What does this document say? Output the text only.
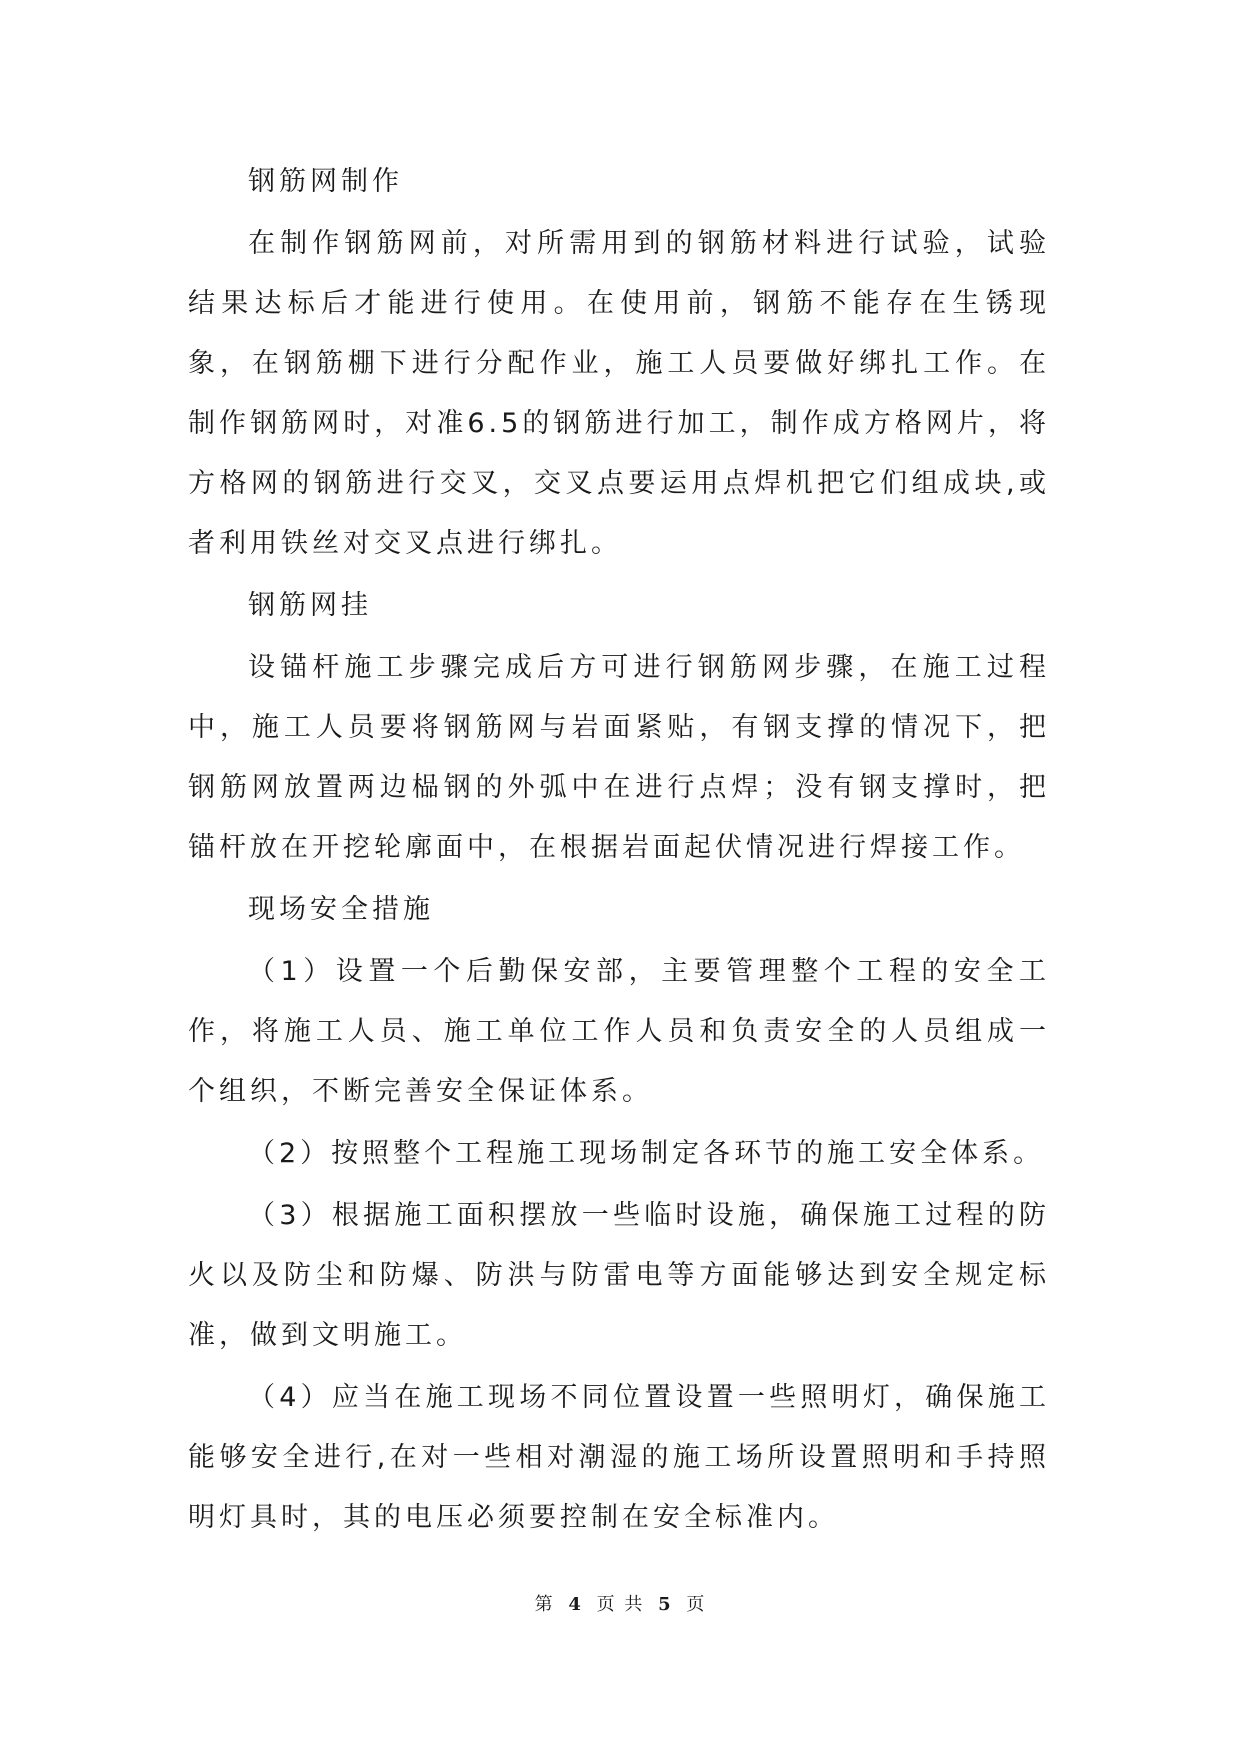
钢筋网制作

在制作钢筋网前，对所需用到的钢筋材料进行试验，试验结果达标后才能进行使用。在使用前，钢筋不能存在生锈现象，在钢筋棚下进行分配作业，施工人员要做好绑扎工作。在制作钢筋网时，对准6.5的钢筋进行加工，制作成方格网片，将方格网的钢筋进行交叉，交叉点要运用点焊机把它们组成块,或者利用铁丝对交叉点进行绑扎。

钢筋网挂

设锚杆施工步骤完成后方可进行钢筋网步骤，在施工过程中，施工人员要将钢筋网与岩面紧贴，有钢支撑的情况下，把钢筋网放置两边榀钢的外弧中在进行点焊；没有钢支撑时，把锚杆放在开挖轮廓面中，在根据岩面起伏情况进行焊接工作。

现场安全措施

（1）设置一个后勤保安部，主要管理整个工程的安全工作，将施工人员、施工单位工作人员和负责安全的人员组成一个组织，不断完善安全保证体系。

（2）按照整个工程施工现场制定各环节的施工安全体系。

（3）根据施工面积摆放一些临时设施，确保施工过程的防火以及防尘和防爆、防洪与防雷电等方面能够达到安全规定标准，做到文明施工。

（4）应当在施工现场不同位置设置一些照明灯，确保施工能够安全进行,在对一些相对潮湿的施工场所设置照明和手持照明灯具时，其的电压必须要控制在安全标准内。

第 4 页 共 5 页
